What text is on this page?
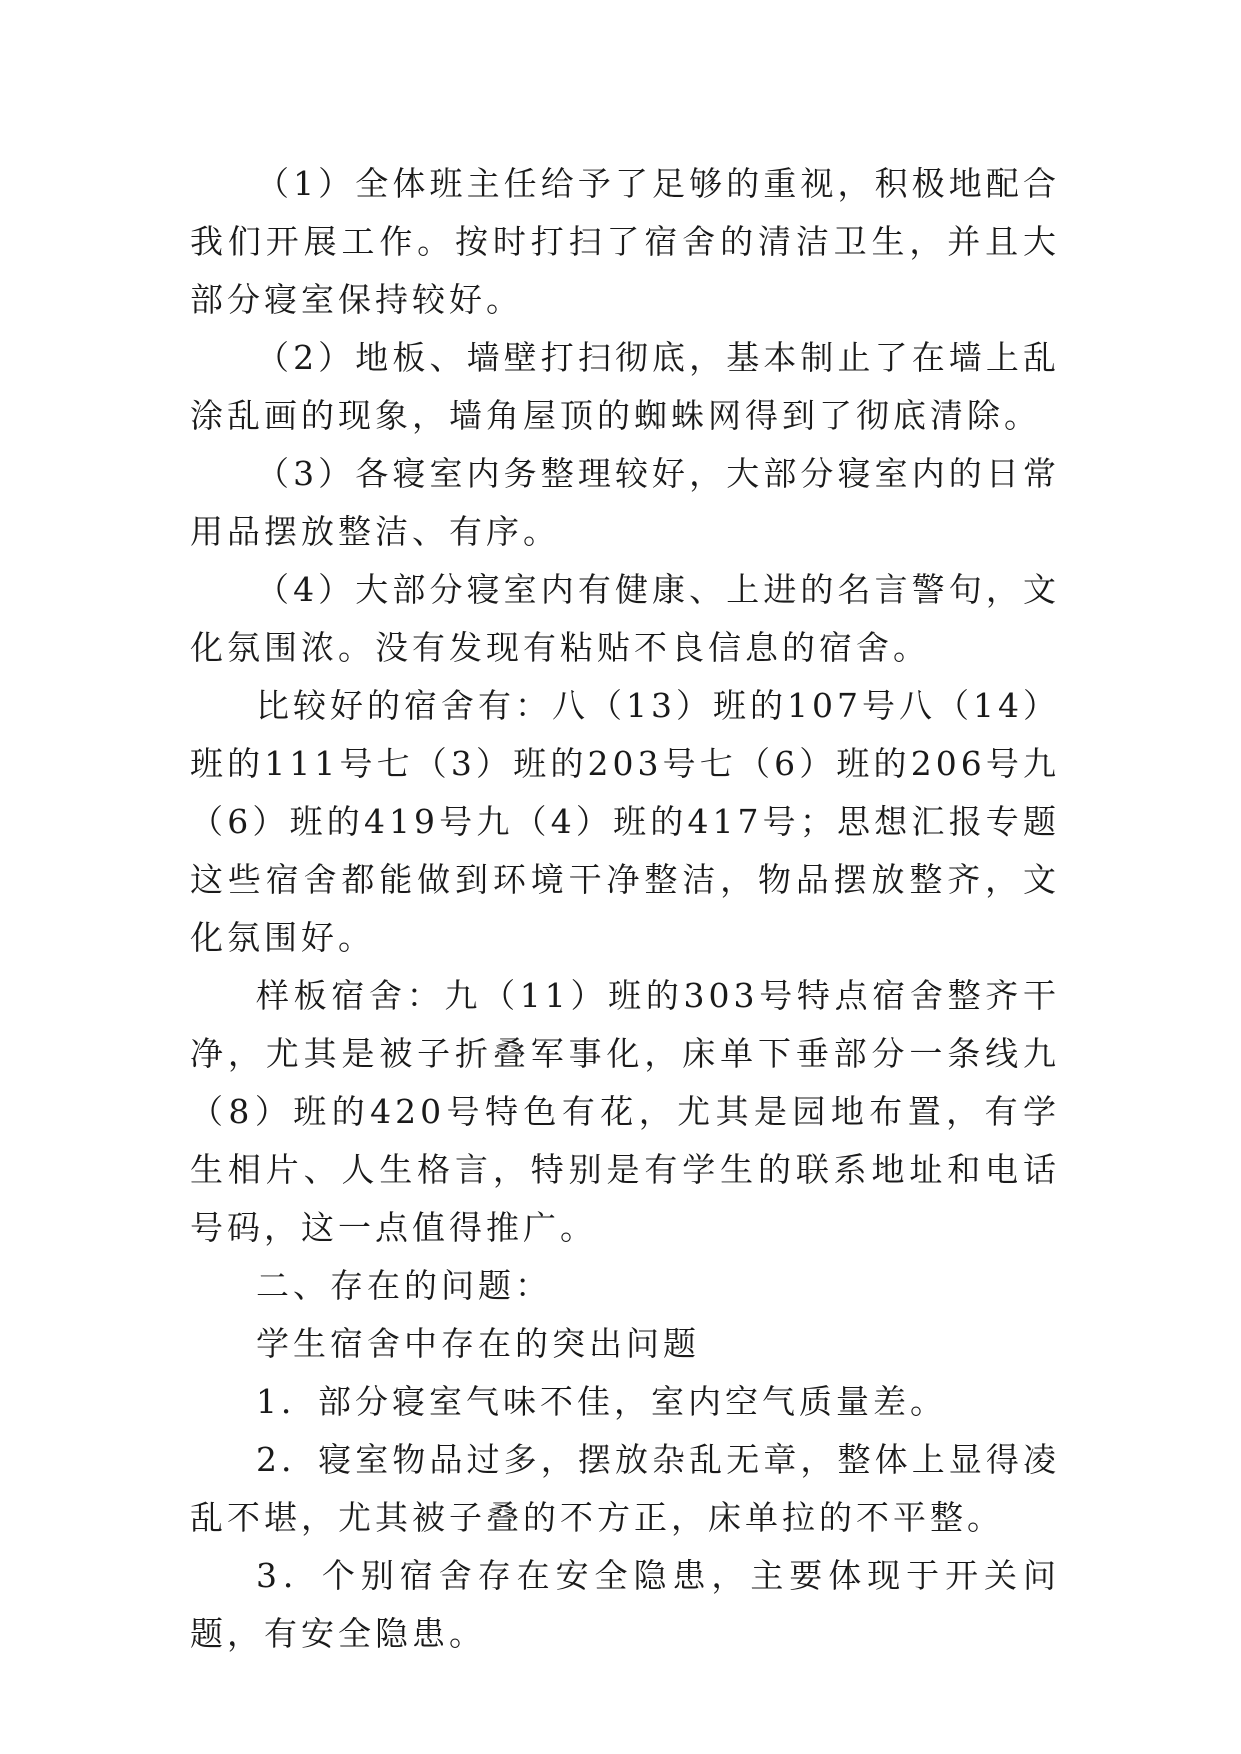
（1）全体班主任给予了足够的重视，积极地配合我们开展工作。按时打扫了宿舍的清洁卫生，并且大部分寝室保持较好。

（2）地板、墙壁打扫彻底，基本制止了在墙上乱涂乱画的现象，墙角屋顶的蜘蛛网得到了彻底清除。

（3）各寝室内务整理较好，大部分寝室内的日常用品摆放整洁、有序。

（4）大部分寝室内有健康、上进的名言警句，文化氛围浓。没有发现有粘贴不良信息的宿舍。

比较好的宿舍有：八（13）班的107号八（14）班的111号七（3）班的203号七（6）班的206号九（6）班的419号九（4）班的417号；思想汇报专题这些宿舍都能做到环境干净整洁，物品摆放整齐，文化氛围好。

样板宿舍：九（11）班的303号特点宿舍整齐干净，尤其是被子折叠军事化，床单下垂部分一条线九（8）班的420号特色有花，尤其是园地布置，有学生相片、人生格言，特别是有学生的联系地址和电话号码，这一点值得推广。

二、存在的问题：

学生宿舍中存在的突出问题

1．部分寝室气味不佳，室内空气质量差。

2．寝室物品过多，摆放杂乱无章，整体上显得凌乱不堪，尤其被子叠的不方正，床单拉的不平整。

3．个别宿舍存在安全隐患，主要体现于开关问题，有安全隐患。
